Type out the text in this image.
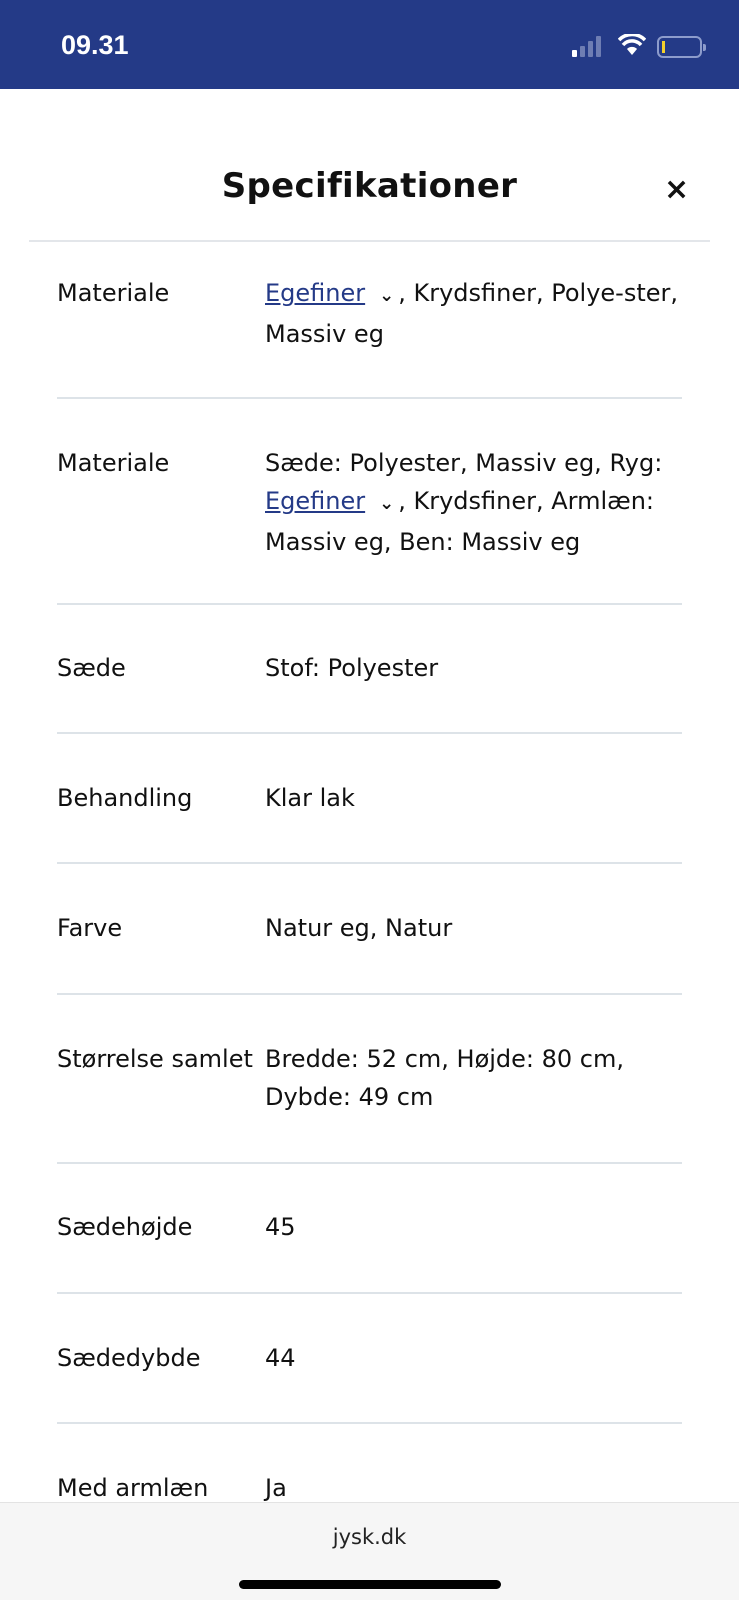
09.31
Specifikationer	×
Materiale	Egefiner ⌄ , Krydsfiner, Polye-ster, Massiv eg
Materiale	Sæde: Polyester, Massiv eg, Ryg: Egefiner ⌄ , Krydsfiner, Armlæn: Massiv eg, Ben: Massiv eg
Sæde	Stof: Polyester
Behandling	Klar lak
Farve	Natur eg, Natur
Størrelse samlet Bredde: 52 cm, Højde: 80 cm, Dybde: 49 cm
Sædehøjde	45
Sædedybde	44
Med armlæn	Ja
jysk.dk
